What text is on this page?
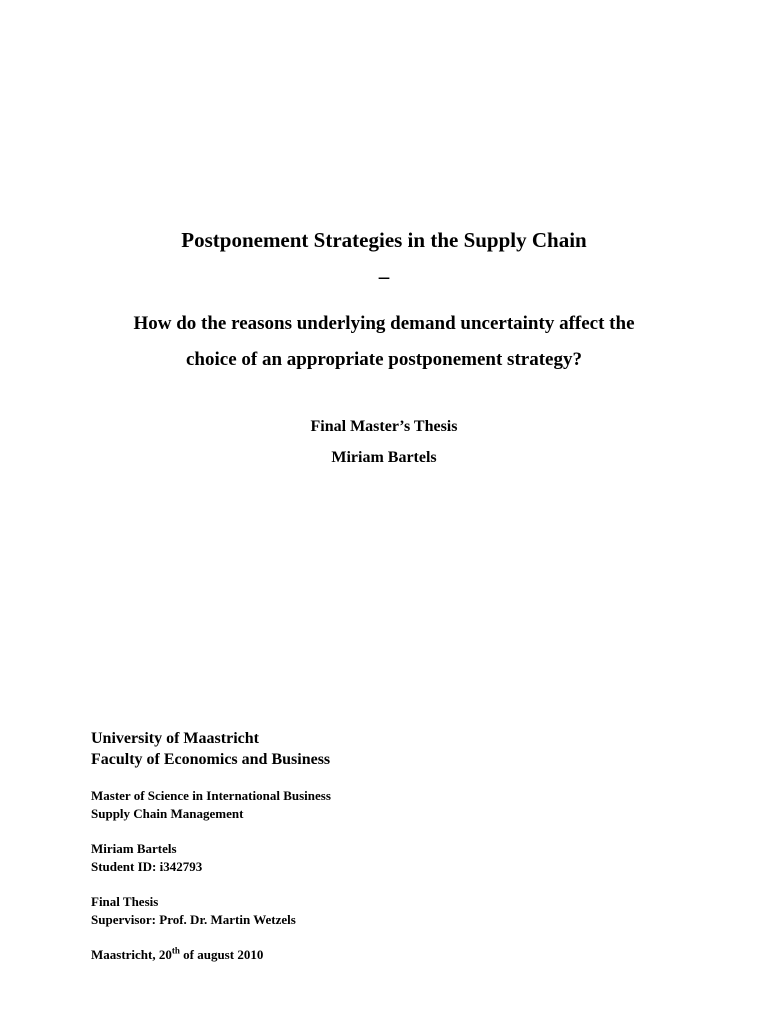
Postponement Strategies in the Supply Chain
–
How do the reasons underlying demand uncertainty affect the
choice of an appropriate postponement strategy?
Final Master’s Thesis
Miriam Bartels
University of Maastricht
Faculty of Economics and Business
Master of Science in International Business
Supply Chain Management
Miriam Bartels
Student ID: i342793
Final Thesis
Supervisor: Prof. Dr. Martin Wetzels
Maastricht, 20th of august 2010
